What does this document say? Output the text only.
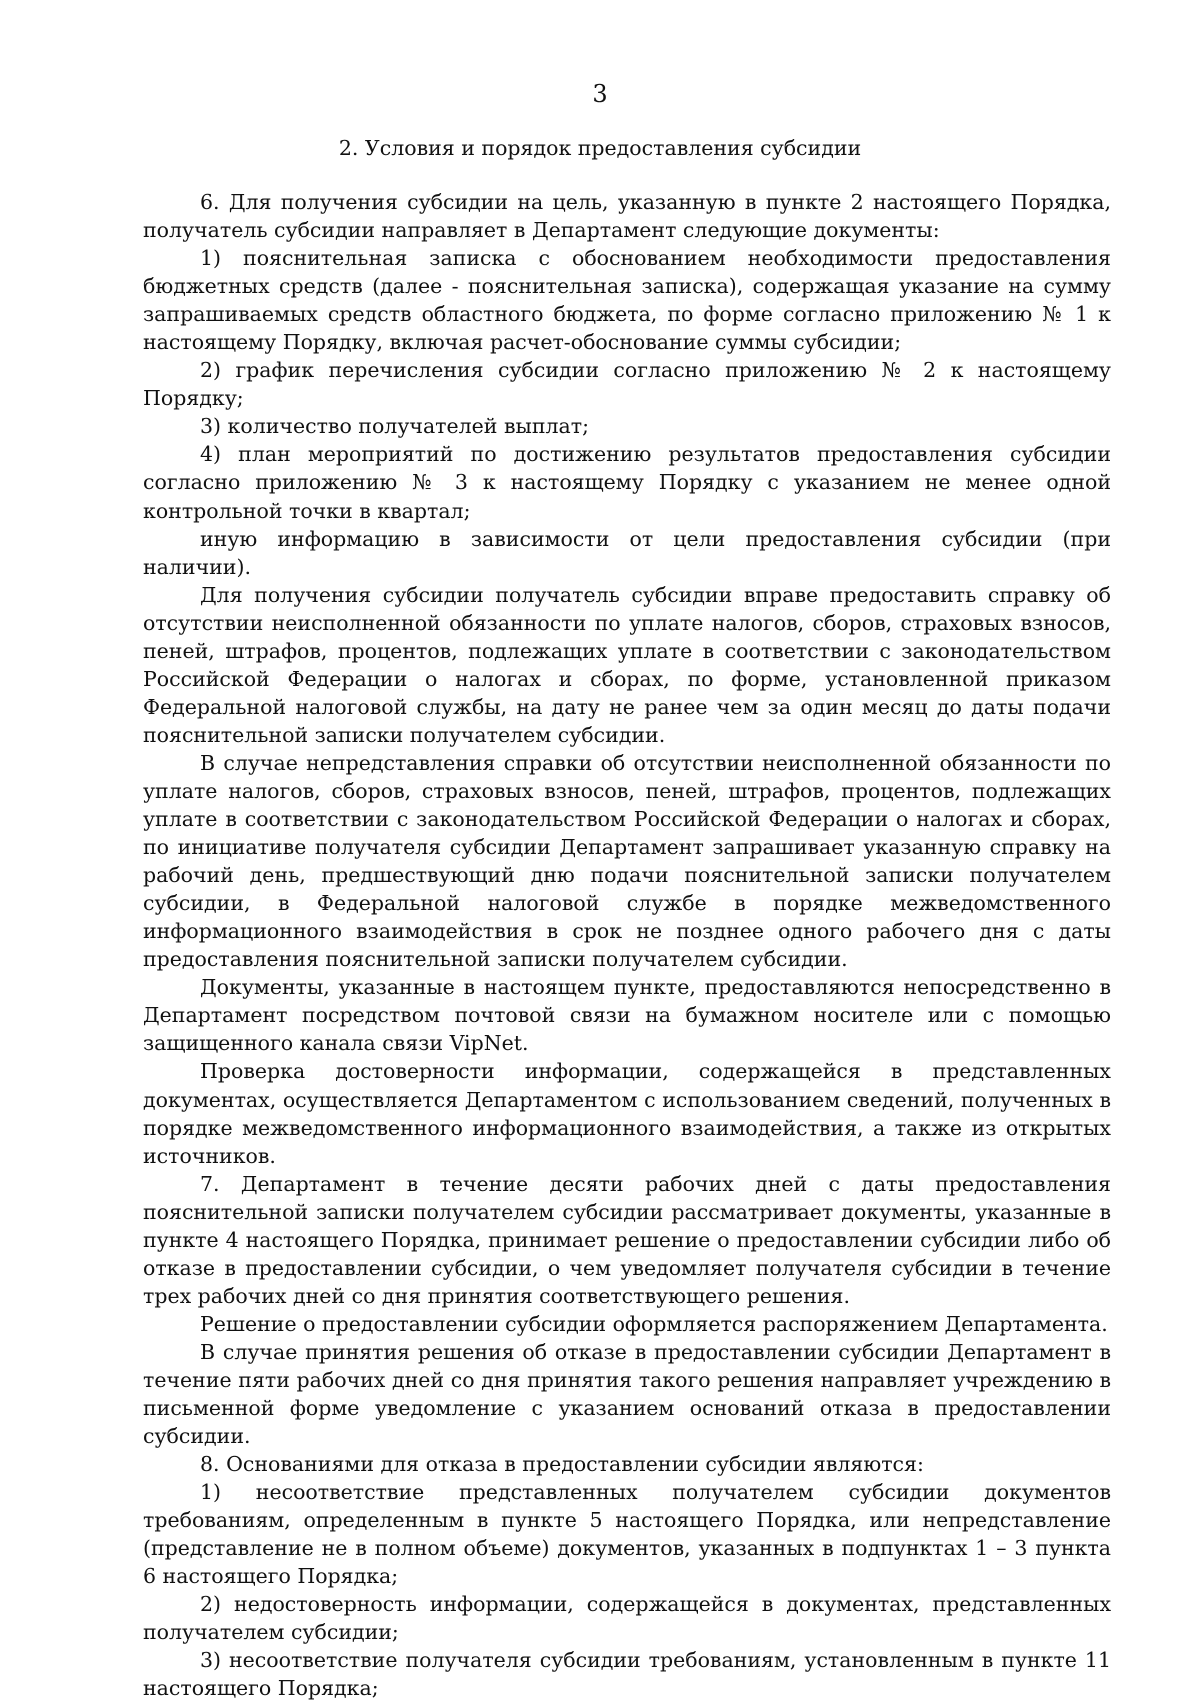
3
2. Условия и порядок предоставления субсидии

6. Для получения субсидии на цель, указанную в пункте 2 настоящего Порядка, получатель субсидии направляет в Департамент следующие документы:

1) пояснительная записка с обоснованием необходимости предоставления бюджетных средств (далее - пояснительная записка), содержащая указание на сумму запрашиваемых средств областного бюджета, по форме согласно приложению № 1 к настоящему Порядку, включая расчет-обоснование суммы субсидии;

2) график перечисления субсидии согласно приложению № 2 к настоящему Порядку;

3) количество получателей выплат;

4) план мероприятий по достижению результатов предоставления субсидии согласно приложению № 3 к настоящему Порядку с указанием не менее одной контрольной точки в квартал;

иную информацию в зависимости от цели предоставления субсидии (при наличии).

Для получения субсидии получатель субсидии вправе предоставить справку об отсутствии неисполненной обязанности по уплате налогов, сборов, страховых взносов, пеней, штрафов, процентов, подлежащих уплате в соответствии с законодательством Российской Федерации о налогах и сборах, по форме, установленной приказом Федеральной налоговой службы, на дату не ранее чем за один месяц до даты подачи пояснительной записки получателем субсидии.

В случае непредставления справки об отсутствии неисполненной обязанности по уплате налогов, сборов, страховых взносов, пеней, штрафов, процентов, подлежащих уплате в соответствии с законодательством Российской Федерации о налогах и сборах, по инициативе получателя субсидии Департамент запрашивает указанную справку на рабочий день, предшествующий дню подачи пояснительной записки получателем субсидии, в Федеральной налоговой службе в порядке межведомственного информационного взаимодействия в срок не позднее одного рабочего дня с даты предоставления пояснительной записки получателем субсидии.

Документы, указанные в настоящем пункте, предоставляются непосредственно в Департамент посредством почтовой связи на бумажном носителе или с помощью защищенного канала связи VipNet.

Проверка достоверности информации, содержащейся в представленных документах, осуществляется Департаментом с использованием сведений, полученных в порядке межведомственного информационного взаимодействия, а также из открытых источников.

7. Департамент в течение десяти рабочих дней с даты предоставления пояснительной записки получателем субсидии рассматривает документы, указанные в пункте 4 настоящего Порядка, принимает решение о предоставлении субсидии либо об отказе в предоставлении субсидии, о чем уведомляет получателя субсидии в течение трех рабочих дней со дня принятия соответствующего решения.

Решение о предоставлении субсидии оформляется распоряжением Департамента.

В случае принятия решения об отказе в предоставлении субсидии Департамент в течение пяти рабочих дней со дня принятия такого решения направляет учреждению в письменной форме уведомление с указанием оснований отказа в предоставлении субсидии.

8. Основаниями для отказа в предоставлении субсидии являются:

1) несоответствие представленных получателем субсидии документов требованиям, определенным в пункте 5 настоящего Порядка, или непредставление (представление не в полном объеме) документов, указанных в подпунктах 1 – 3 пункта 6 настоящего Порядка;

2) недостоверность информации, содержащейся в документах, представленных получателем субсидии;

3) несоответствие получателя субсидии требованиям, установленным в пункте 11 настоящего Порядка;
